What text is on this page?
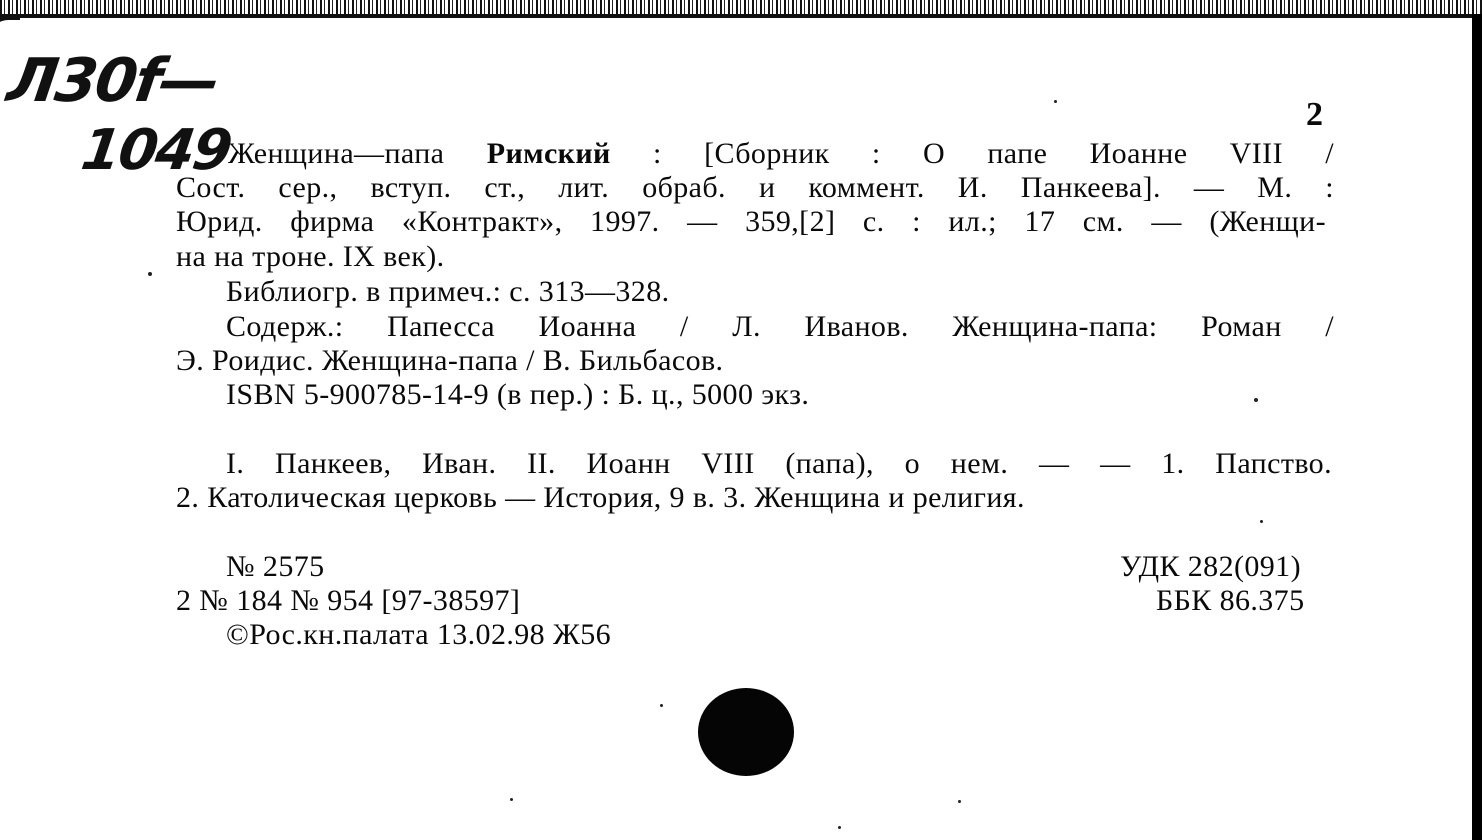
Л30f—
1049
2
Женщина—папа Римский : [Сборник : О папе Иоанне VIII /
Сост. сер., вступ. ст., лит. обраб. и коммент. И. Панкеева]. — М. :
Юрид. фирма «Контракт», 1997. — 359,[2] с. : ил.; 17 см. — (Женщи-
на на троне. IX век).
Библиогр. в примеч.: с. 313—328.
Содерж.: Папесса Иоанна / Л. Иванов. Женщина-папа: Роман /
Э. Роидис. Женщина-папа / В. Бильбасов.
ISBN 5-900785-14-9 (в пер.) : Б. ц., 5000 экз.
I. Панкеев, Иван. II. Иоанн VIII (папа), о нем. — — 1. Папство.
2. Католическая церковь — История, 9 в. 3. Женщина и религия.
№ 2575
2 № 184 № 954 [97-38597]
©Рос.кн.палата 13.02.98 Ж56
УДК 282(091)
ББК 86.375
